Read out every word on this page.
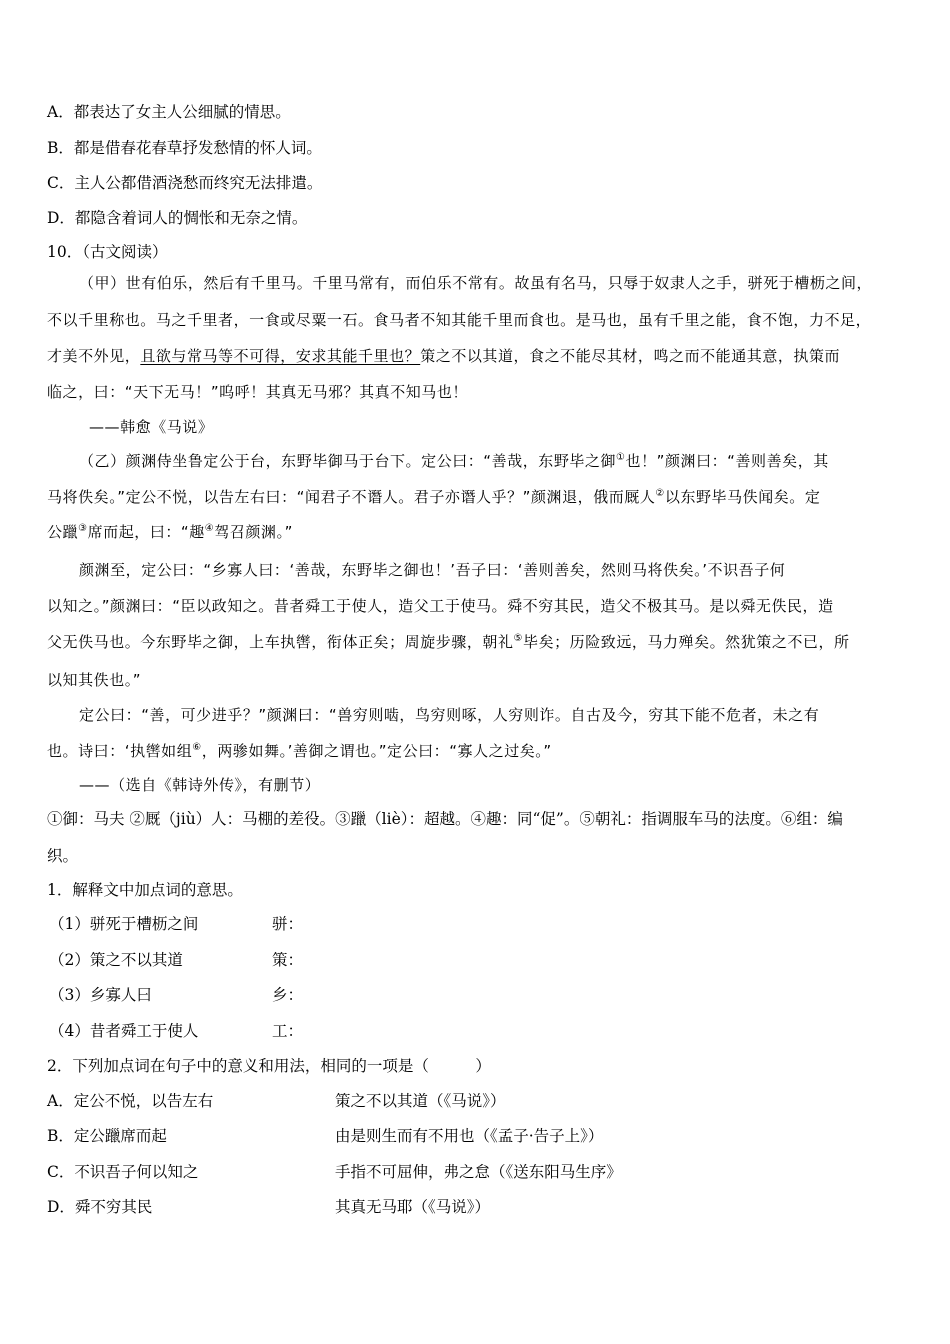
A．都表达了女主人公细腻的情思。
B．都是借春花春草抒发愁情的怀人词。
C．主人公都借酒浇愁而终究无法排遣。
D．都隐含着词人的惆怅和无奈之情。
10．（古文阅读）
（甲）世有伯乐，然后有千里马。千里马常有，而伯乐不常有。故虽有名马，只辱于奴隶人之手，骈死于槽枥之间，
不以千里称也。马之千里者，一食或尽粟一石。食马者不知其能千里而食也。是马也，虽有千里之能，食不饱，力不足，
才美不外见，且欲与常马等不可得，安求其能千里也？策之不以其道，食之不能尽其材，鸣之而不能通其意，执策而
临之，曰：“天下无马！”呜呼！其真无马邪？其真不知马也！
——韩愈《马说》
（乙）颜渊侍坐鲁定公于台，东野毕御马于台下。定公曰：“善哉，东野毕之御①也！”颜渊曰：“善则善矣，其
马将佚矣。”定公不悦，以告左右曰：“闻君子不谮人。君子亦谮人乎？”颜渊退，俄而厩人②以东野毕马佚闻矣。定
公躐③席而起，曰：“趣④驾召颜渊。”
颜渊至，定公曰：“乡寡人曰：‘善哉，东野毕之御也！’吾子曰：‘善则善矣，然则马将佚矣。’不识吾子何
以知之。”颜渊曰：“臣以政知之。昔者舜工于使人，造父工于使马。舜不穷其民，造父不极其马。是以舜无佚民，造
父无佚马也。今东野毕之御，上车执辔，衔体正矣；周旋步骤，朝礼⑤毕矣；历险致远，马力殚矣。然犹策之不已，所
以知其佚也。”
定公曰：“善，可少进乎？”颜渊曰：“兽穷则啮，鸟穷则啄，人穷则诈。自古及今，穷其下能不危者，未之有
也。诗曰：‘执辔如组⑥，两骖如舞。’善御之谓也。”定公曰：“寡人之过矣。”
——（选自《韩诗外传》，有删节）
①御：马夫 ②厩（jiù）人：马棚的差役。③躐（liè）：超越。④趣：同“促”。⑤朝礼：指调服车马的法度。⑥组：编
织。
1．解释文中加点词的意思。
（1）骈死于槽枥之间	骈：
（2）策之不以其道	策：
（3）乡寡人曰	乡：
（4）昔者舜工于使人	工：
2．下列加点词在句子中的意义和用法，相同的一项是（　　　）
A．定公不悦，以告左右	策之不以其道（《马说》）
B．定公躐席而起	由是则生而有不用也（《孟子·告子上》）
C．不识吾子何以知之	手指不可屈伸，弗之怠（《送东阳马生序》
D．舜不穷其民	其真无马耶（《马说》）
